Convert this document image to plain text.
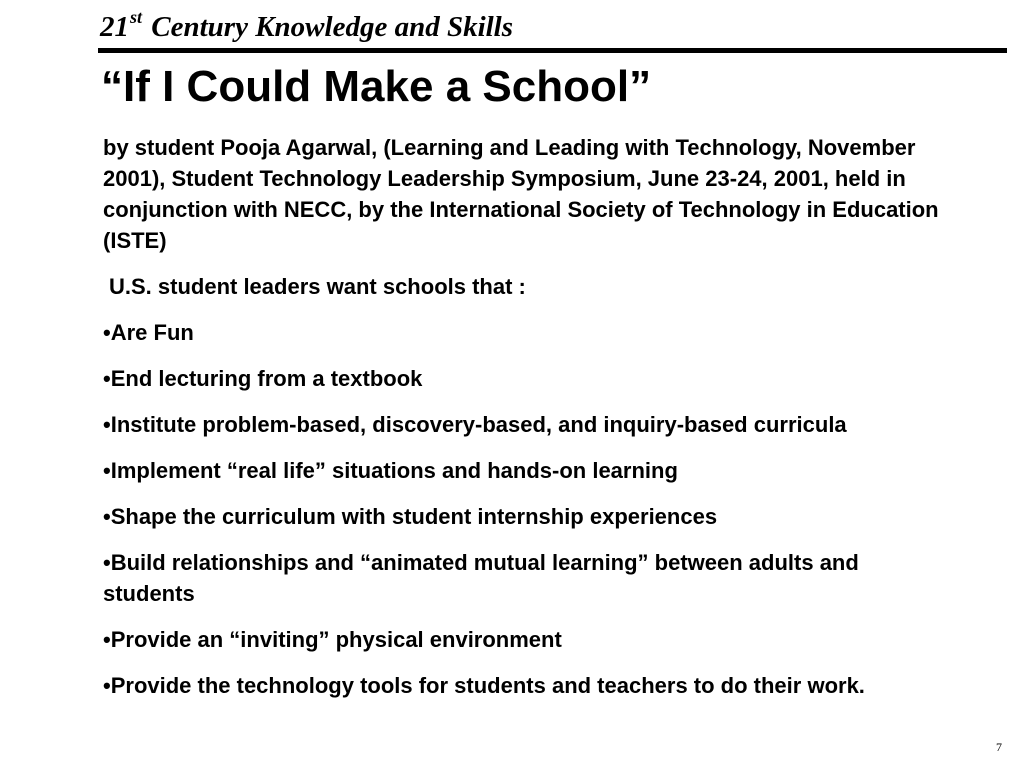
21st Century Knowledge and Skills
“If I Could Make a School”

by student Pooja Agarwal, (Learning and Leading with Technology, November 2001), Student Technology Leadership Symposium, June 23-24, 2001, held in conjunction with NECC, by the International Society of Technology in Education (ISTE)

U.S. student leaders want schools that :

•Are Fun
•End lecturing from a textbook
•Institute problem-based, discovery-based, and inquiry-based curricula
•Implement “real life” situations and hands-on learning
•Shape the curriculum with student internship experiences
•Build relationships and “animated mutual learning” between adults and students
•Provide an “inviting” physical environment
•Provide the technology tools for students and teachers to do their work.

7
